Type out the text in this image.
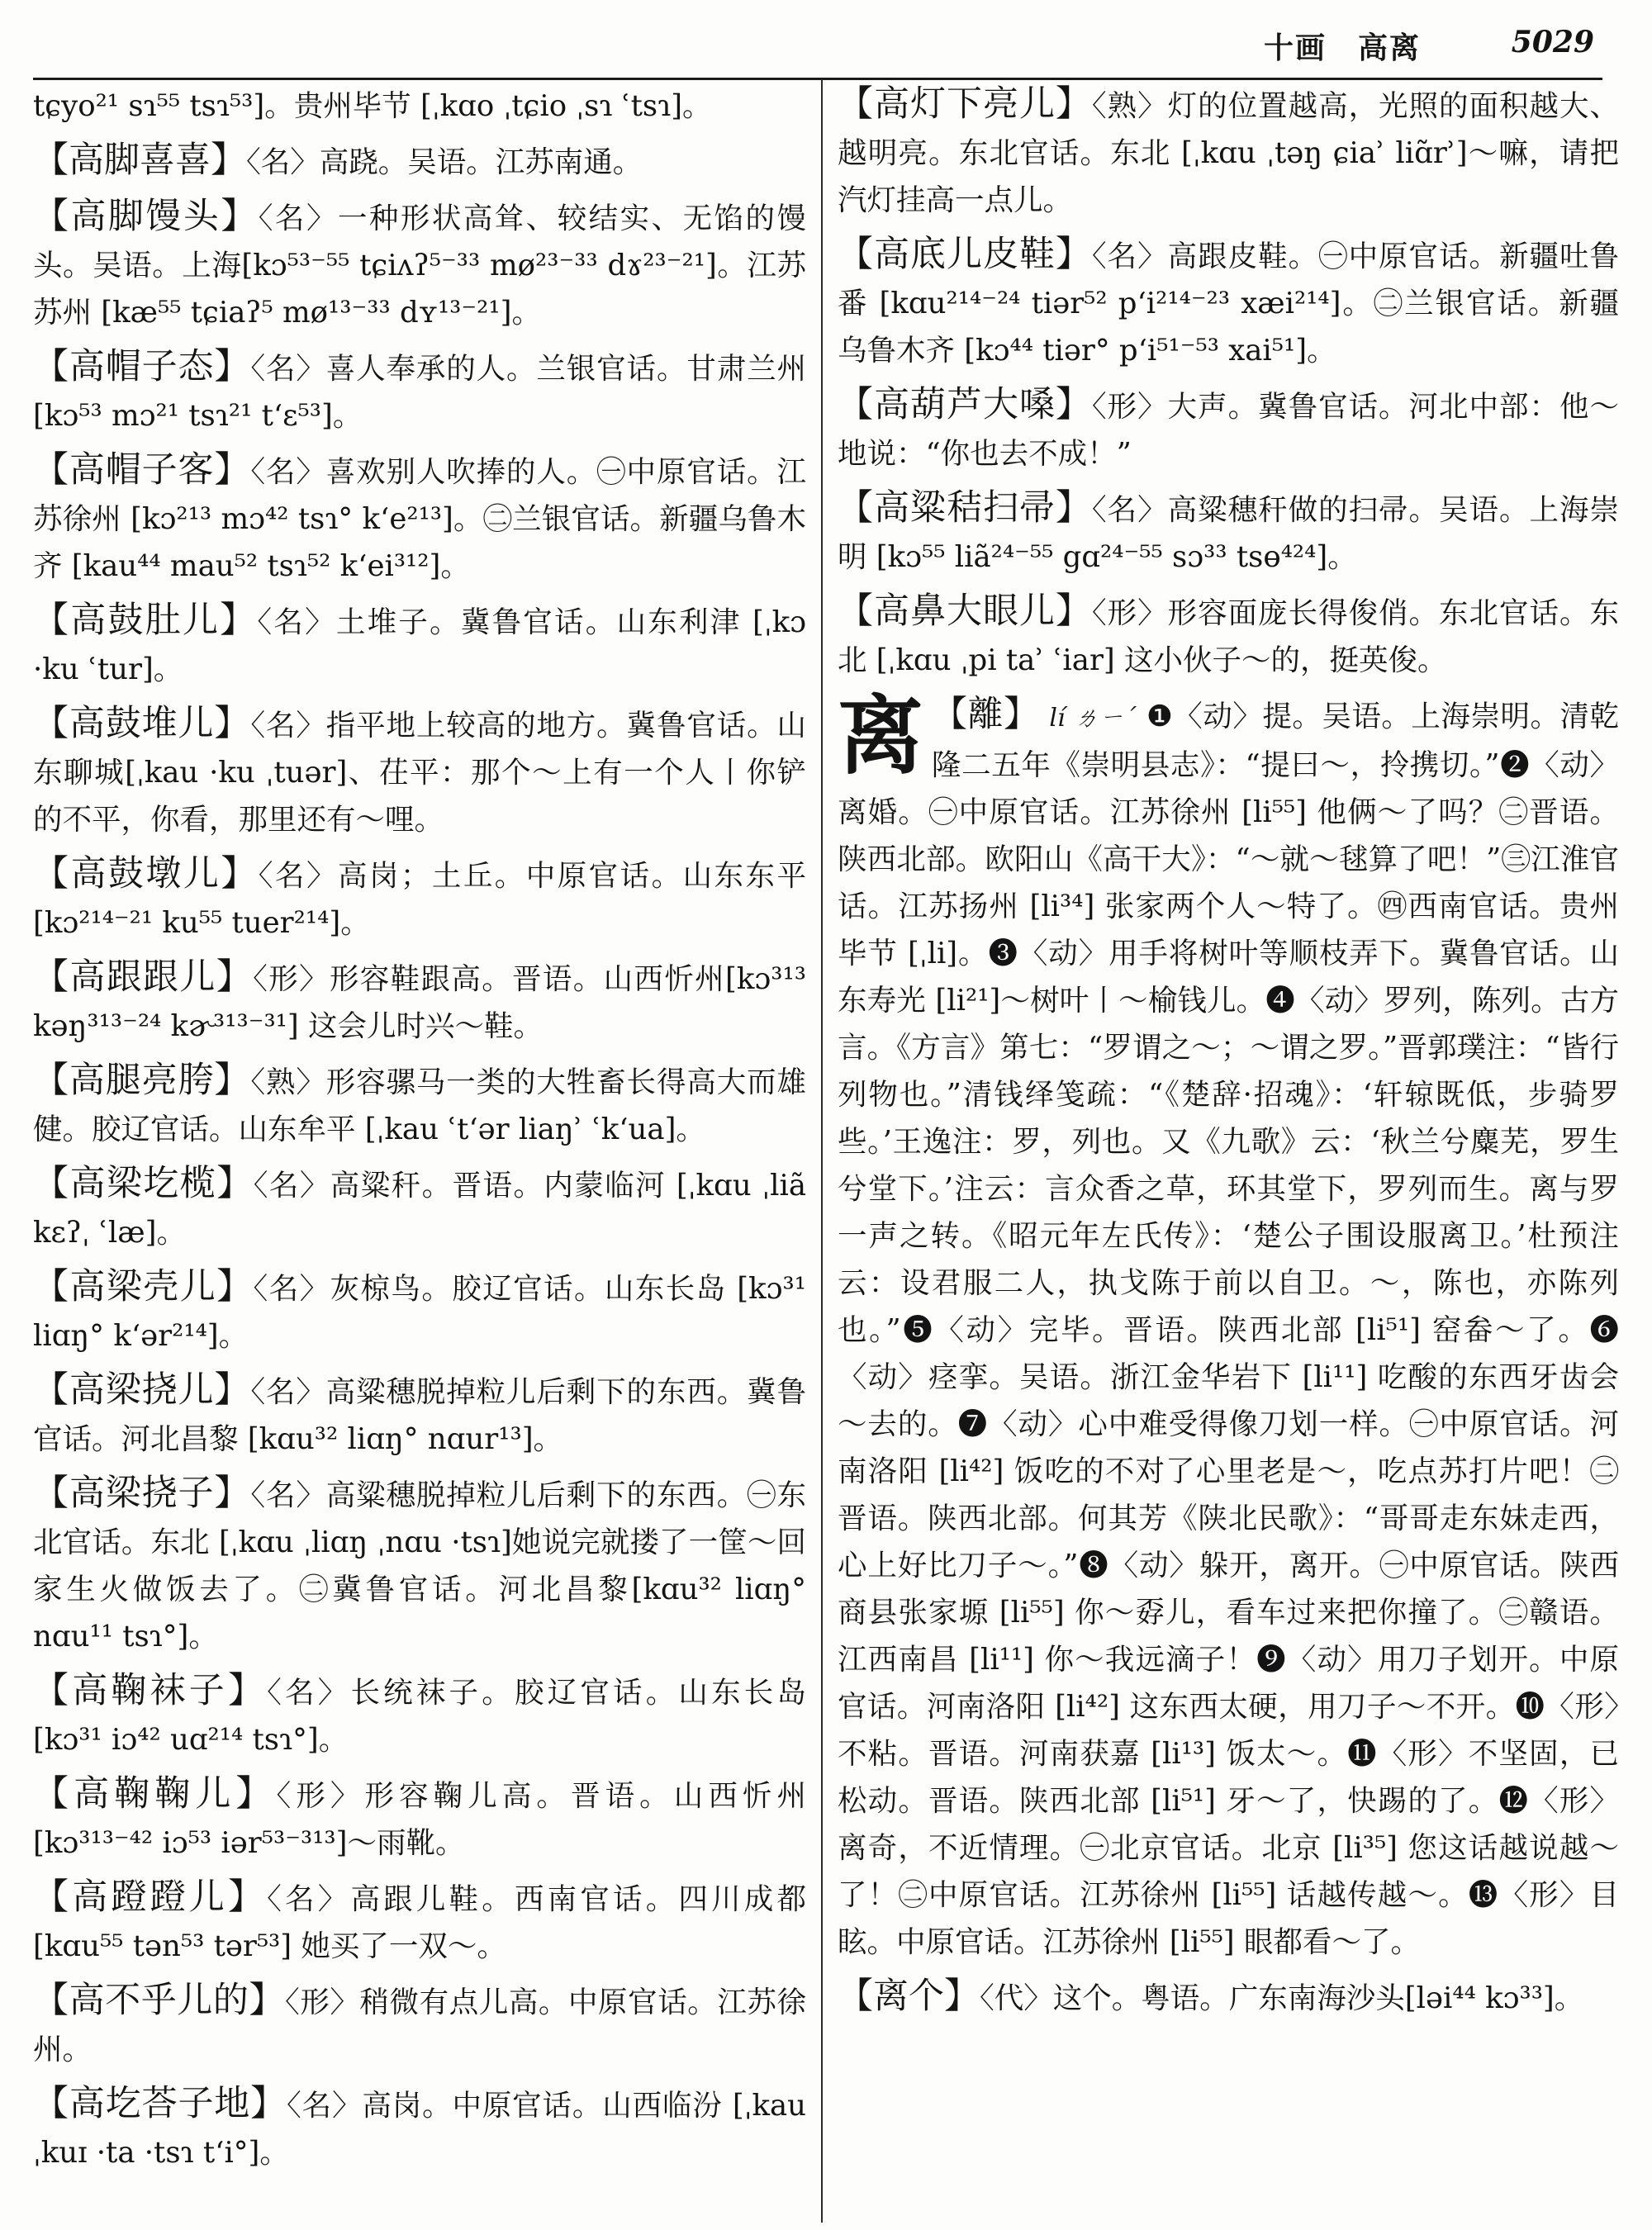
十画　高离	5029
tɕyo²¹ sɿ⁵⁵ tsɿ⁵³]。贵州毕节 [ˌkɑo ˌtɕio ˌsɿ ʿtsɿ]。
【高脚喜喜】〈名〉高跷。吴语。江苏南通。
【高脚馒头】〈名〉一种形状高耸、较结实、无馅的馒头。吴语。上海[kɔ⁵³⁻⁵⁵ tɕiʌʔ⁵⁻³³ mø²³⁻³³ dɤ²³⁻²¹]。江苏苏州 [kæ⁵⁵ tɕiaʔ⁵ mø¹³⁻³³ dʏ¹³⁻²¹]。
【高帽子态】〈名〉喜人奉承的人。兰银官话。甘肃兰州 [kɔ⁵³ mɔ²¹ tsɿ²¹ tʻɛ⁵³]。
【高帽子客】〈名〉喜欢别人吹捧的人。㊀中原官话。江苏徐州 [kɔ²¹³ mɔ⁴² tsɿ° kʻe²¹³]。㊁兰银官话。新疆乌鲁木齐 [kau⁴⁴ mau⁵² tsɿ⁵² kʻei³¹²]。
【高鼓肚儿】〈名〉土堆子。冀鲁官话。山东利津 [ˌkɔ ·ku ʿtur]。
【高鼓堆儿】〈名〉指平地上较高的地方。冀鲁官话。山东聊城[ˌkau ·ku ˌtuər]、茌平：那个～上有一个人丨你铲的不平，你看，那里还有～哩。
【高鼓墩儿】〈名〉高岗；土丘。中原官话。山东东平 [kɔ²¹⁴⁻²¹ ku⁵⁵ tuer²¹⁴]。
【高跟跟儿】〈形〉形容鞋跟高。晋语。山西忻州[kɔ³¹³ kəŋ³¹³⁻²⁴ kɚ³¹³⁻³¹] 这会儿时兴～鞋。
【高腿亮胯】〈熟〉形容骡马一类的大牲畜长得高大而雄健。胶辽官话。山东牟平 [ˌkau ʿtʻər liaŋʾ ʿkʻua]。
【高梁圪榄】〈名〉高粱秆。晋语。内蒙临河 [ˌkɑu ˌliã kɛʔˌ ʿlæ]。
【高梁壳儿】〈名〉灰椋鸟。胶辽官话。山东长岛 [kɔ³¹ liɑŋ° kʻər²¹⁴]。
【高梁挠儿】〈名〉高粱穗脱掉粒儿后剩下的东西。冀鲁官话。河北昌黎 [kɑu³² liɑŋ° nɑur¹³]。
【高梁挠子】〈名〉高粱穗脱掉粒儿后剩下的东西。㊀东北官话。东北 [ˌkɑu ˌliɑŋ ˌnɑu ·tsɿ]她说完就搂了一筐～回家生火做饭去了。㊁冀鲁官话。河北昌黎[kɑu³² liɑŋ° nɑu¹¹ tsɿ°]。
【高鞠袜子】〈名〉长统袜子。胶辽官话。山东长岛 [kɔ³¹ iɔ⁴² uɑ²¹⁴ tsɿ°]。
【高鞠鞠儿】〈形〉形容鞠儿高。晋语。山西忻州 [kɔ³¹³⁻⁴² iɔ⁵³ iər⁵³⁻³¹³]～雨靴。
【高蹬蹬儿】〈名〉高跟儿鞋。西南官话。四川成都 [kɑu⁵⁵ tən⁵³ tər⁵³] 她买了一双～。
【高不乎儿的】〈形〉稍微有点儿高。中原官话。江苏徐州。
【高圪荅子地】〈名〉高岗。中原官话。山西临汾 [ˌkau ˌkuɪ ·ta ·tsɿ tʻi°]。
【高灯下亮儿】〈熟〉灯的位置越高，光照的面积越大、越明亮。东北官话。东北 [ˌkɑu ˌtəŋ ɕiaʾ liɑ̃rʾ]～嘛，请把汽灯挂高一点儿。
【高底儿皮鞋】〈名〉高跟皮鞋。㊀中原官话。新疆吐鲁番 [kɑu²¹⁴⁻²⁴ tiər⁵² pʻi²¹⁴⁻²³ xæi²¹⁴]。㊁兰银官话。新疆乌鲁木齐 [kɔ⁴⁴ tiər° pʻi⁵¹⁻⁵³ xai⁵¹]。
【高葫芦大嗓】〈形〉大声。冀鲁官话。河北中部：他～地说：“你也去不成！”
【高粱秸扫帚】〈名〉高粱穗秆做的扫帚。吴语。上海崇明 [kɔ⁵⁵ liã²⁴⁻⁵⁵ gɑ²⁴⁻⁵⁵ sɔ³³ tsɵ⁴²⁴]。
【高鼻大眼儿】〈形〉形容面庞长得俊俏。东北官话。东北 [ˌkɑu ˌpi taʾ ʿiar] 这小伙子～的，挺英俊。
离 【離】 lí ㄌㄧˊ ❶〈动〉提。吴语。上海崇明。清乾隆二五年《崇明县志》：“提曰～，拎携切。”❷〈动〉离婚。㊀中原官话。江苏徐州 [li⁵⁵] 他俩～了吗？㊁晋语。陕西北部。欧阳山《高干大》：“～就～毬算了吧！”㊂江淮官话。江苏扬州 [li³⁴] 张家两个人～特了。㊃西南官话。贵州毕节 [ˌli]。❸〈动〉用手将树叶等顺枝弄下。冀鲁官话。山东寿光 [li²¹]～树叶丨～榆钱儿。❹〈动〉罗列，陈列。古方言。《方言》第七：“罗谓之～；～谓之罗。”晋郭璞注：“皆行列物也。”清钱绎笺疏：“《楚辞·招魂》：‘轩辌既低，步骑罗些。’王逸注：罗，列也。又《九歌》云：‘秋兰兮麋芜，罗生兮堂下。’注云：言众香之草，环其堂下，罗列而生。离与罗一声之转。《昭元年左氏传》：‘楚公子围设服离卫。’杜预注云：设君服二人，执戈陈于前以自卫。～，陈也，亦陈列也。”❺〈动〉完毕。晋语。陕西北部 [li⁵¹] 窑畚～了。❻〈动〉痉挛。吴语。浙江金华岩下 [li¹¹] 吃酸的东西牙齿会～去的。❼〈动〉心中难受得像刀划一样。㊀中原官话。河南洛阳 [li⁴²] 饭吃的不对了心里老是～，吃点苏打片吧！㊁晋语。陕西北部。何其芳《陕北民歌》：“哥哥走东妹走西，心上好比刀子～。”❽〈动〉躲开，离开。㊀中原官话。陕西商县张家塬 [li⁵⁵] 你～孬儿，看车过来把你撞了。㊁赣语。江西南昌 [li¹¹] 你～我远滴子！❾〈动〉用刀子划开。中原官话。河南洛阳 [li⁴²] 这东西太硬，用刀子～不开。❿〈形〉不粘。晋语。河南获嘉 [li¹³] 饭太～。⓫〈形〉不坚固，已松动。晋语。陕西北部 [li⁵¹] 牙～了，快踢的了。⓬〈形〉离奇，不近情理。㊀北京官话。北京 [li³⁵] 您这话越说越～了！㊁中原官话。江苏徐州 [li⁵⁵] 话越传越～。⓭〈形〉目眩。中原官话。江苏徐州 [li⁵⁵] 眼都看～了。
【离个】〈代〉这个。粤语。广东南海沙头[ləi⁴⁴ kɔ³³]。
